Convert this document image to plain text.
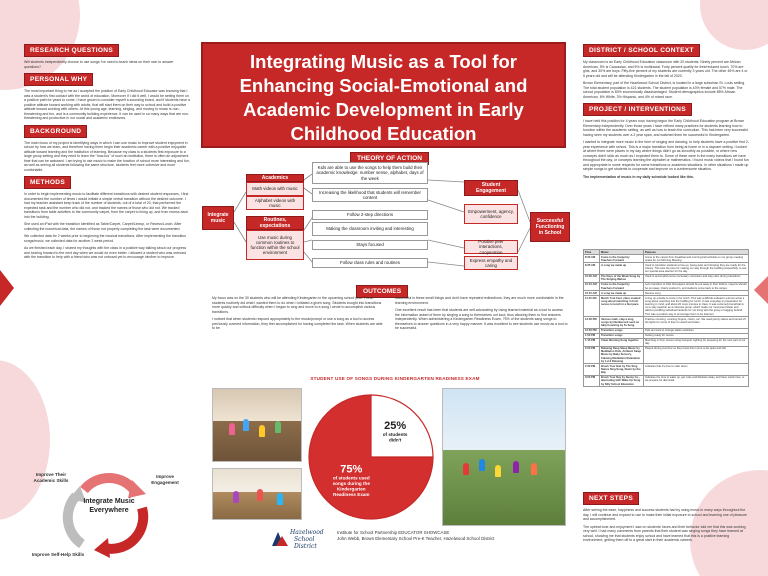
RESEARCH QUESTIONS

Will students independently choose to use songs I've used to teach ideas on their own to answer questions?

PERSONAL WHY

The most important thing to me as I accepted the position of Early Childhood Educator was knowing that I was a student's first contact with the world of education. Moreover if I did it well, I would be setting them on a positive path for years to come. I have grown to consider myself a sounding board, and if students have a positive attitude toward working with adults, that will start them on their way to school and build a positive attitude toward working with others. At this young age, learning, singing, and moving to music is non-threatening and fun, and is a community building experience. It can be used in so many ways that are non-threatening and productive in our social and academic endeavors.

BACKGROUND

The main focus of my project is identifying ways in which I can use music to improve student enjoyment in school by how we learn, and therefore having them begin their academic career with a positive enjoyable attitude toward learning and the institution of learning. Because my class is a students first exposure to a large group setting and they need to learn the "how-tos" of such an institution, there is often an adjustment time that can be awkward. I am trying to use music to make the function of school more interesting and fun, as well as seeing all students following the same structure, students feel more cohesive and more comfortable.

METHODS

In order to begin implementing music to facilitate different transitions with desired student responses, I first documented the number of times I would initiate a simple verbal transition without the desired outcome. I had my teacher assistant keep track of the number of students, out of a total of 20, that performed the expected task and the number who did not, and tracked the names of those who did not. We tracked transitions from table activities to the community carpet, from the carpet to lining up, and from recess back into the building.

She used an iPad with the transition identified as Table/Carpet, Carpet/Lineup, or Recess/Lunch. After collecting the numerical data, the names of those not properly completing the task were documented.

We collected data for 2 weeks prior to beginning the musical transitions. After implementing the transition songs/music, we collected data for another 2 week period.

As we finished each day, I shared my thoughts with the class in a positive way talking about our progress and looking forward to the next day when we would do even better. I allowed a student who was onboard with the transition to help with a friend who was not onboard yet to encourage him/her to improve.

Improve Their Academic Skills
Improve Engagement
Integrate Music Everywhere
Improve Self-Help Skills
Integrating Music as a Tool for Enhancing Social-Emotional and Academic Development in Early Childhood Education
THEORY OF ACTION
Integrate music
Academics
Math videos with music
Alphabet videos with music
Routines, expectations
Use music during common routines to function within the school environment
Kids are able to use the songs to help them build their academic knowledge: number sense, alphabet, days of the week
Increasing the likelihood that students will remember content
Follow 2-step directions
Making the classroom inviting and interesting
Stays focused
Follow class rules and routines
Student Engagement
Empowerment, agency, confidence
Positive peer interactions, cooperation
Express empathy and caring
Successful Functioning in School
OUTCOMES

My focus was on the 30 students who will be attending Kindergarten in the upcoming school year. These students routinely did what I wanted them to do when I initiated a given song. Students bought into transitions more quickly and without difficulty when I began to sing and move to a song I wrote to accomplish various transitions.

I noticed that when students respond appropriately to the music/prompt or use a song as a tool to access previously covered information, they feel accomplished for having completed the task. When students are able to be

successful in these small things and don't have repeated redirections, they are much more comfortable in the learning environment.

One excellent result has been that students are self-advocating by using learned material as a tool to access the information asked of them by singing a song to themselves out loud, thus allowing them to find answers independently. When administering a Kindergarten Readiness Exam, 75% of the students sang songs to themselves to answer questions in a very happy manner. It was excellent to see students use music as a tool to be successful.

STUDENT USE OF SONGS DURING KINDERGARTEN READINESS EXAM
75%
of students used
songs during the
Kindergarten
Readiness Exam
25%
of students
didn't
Hazelwood
School
District
Institute for School Partnership EDUCATOR SHOWCASE
John Webb, Brown Elementary School Pre-K Teacher, Hazelwood School District
DISTRICT / SCHOOL CONTEXT

My classroom is an Early Childhood Education classroom with 20 students. Ninety percent are African American, 5% is Caucasian, and 5% is multiracial. Forty percent qualify for free/reduced lunch, 70% are girls, and 30% are boys. Fifty-five percent of my students are currently 3 years old. The other 45% are 4 or 5 years old and will be attending Kindergarten in the fall of 2020.

Brown Elementary, part of the Hazelwood School District, is located in a large suburban St. Louis setting. The total student population is 421 students. The student population is 43% female and 57% male. The school population is 83% economically disadvantaged. Student demographics include 88% African American, 6% White, 3% Hispanic, and 4% of mixed race.

PROJECT / INTERVENTIONS

I have held this position for 4 years now, having begun the Early Childhood Education program at Brown Elementary independently. Over those years I have refined many practices for students learning how to function within the academic setting, as well as how to teach the curriculum. This has been very successful having seen my students over a 2 year span, and watched them be successful in Kindergarten.

I wanted to integrate more music in the form of singing and dancing, to help students have a positive first 2-year experience with school. This is a major transition from being at home or in a daycare setting. I looked at where there were places in my day where things didn't go as smoothly as possible, or where new concepts didn't stick as much as I expected them to. Some of these were in the many transitions we have throughout the day, or concepts learning the alphabet or mathematics. I found music videos that I found fun and appropriate in some respects for some transitions or academic situations. In other situations I made up simple songs to get students to cooperate and improve on a cumbersome situation.

The implementation of music in my daily schedule looked like this.

Time	Music	Purpose
8:30 AM	Come to the Carpet by Teachers Forward	Come to the carpet from breakfast and morning-bell activities to our group meeting space for our Morning Meeting
8:35 AM	A song we made up	Used to transition students to line-up, being quiet and showing they are ready for the Library. This sets the tone for making our way through the building respectfully, to see our special area teacher for the day.
10:00 AM	The Days of the Week Song by The Singing Walrus	Used to accomplish some necessary curriculum and stay calm during transitions
10:10 AM	Come to the Carpet by Teachers Forward	Let's transition to Kids that papers should be put away in their folders, crayons should be put away, chairs pushed in, and students come back to the carpet.
10:15 AM	A song we made up	Recess song
11:15 AM	March Your Feet, class created song about marching in from recess to lunch in a fast pace	Lining up outside to come in for lunch. This was a difficult endeavor until we wrote a song about marching into the building for lunch. It was everyday to preparation for learning in mind, and about 20 more minutes in class. It was extremely beneficial to us to stay together as a cohesive group, which made our movement faster and without prodding individual students for not lining with the group or lagging behind. This was a positive way to encourage them to be learners.
12:00 PM	Various math, clap a long songs by Numberock such as Skip Counting by 5s Song	Practice counting, counting fingers, colors, etc. We used plenty videos and turned off the lights for some of them to watch and listen.
12:30 PM	Transition songs	Kids are back to change station activities
1:00 PM	Transition songs	Getting ready for recess
1:15 PM	Clean Morning Song together	Marching in from recess using transport sighting for preparing for the next part of our day.
2:00 PM	Relaxing Deep Sleep Music by Meditation Kids, Ambient Sleep Music by Baby Sensory, Calming Meditation Relaxation by 1-2-3 Relaxing	Played during rest time so they know this is time to be quiet and still.
2:30 PM	Brush Your Hair by The Sing Dance Sing Song, Down by the Bay	Indicates that it's time to calm down
3:00 PM	Brush Your Day by Sunny Co., alternating with Wake Up Song by Silly School Education	Indicates the time to wake up, get mats and blankets away, and have snack time, or we prepare for dismissal.
NEXT STEPS

After seeing the ease, happiness and success students had by using music in many ways throughout the day, I will continue and expand to use to make their initial exposure to school and learning one of pleasure and accomplishment.

The upbeat tone and enjoyment I saw on students' faces and their behavior told me that this was working very well. I had many comments from parents that their student was singing songs they have learned at school, showing me that students enjoy school and have learned that this is a positive learning environment, getting them off to a great start in their academic careers.
